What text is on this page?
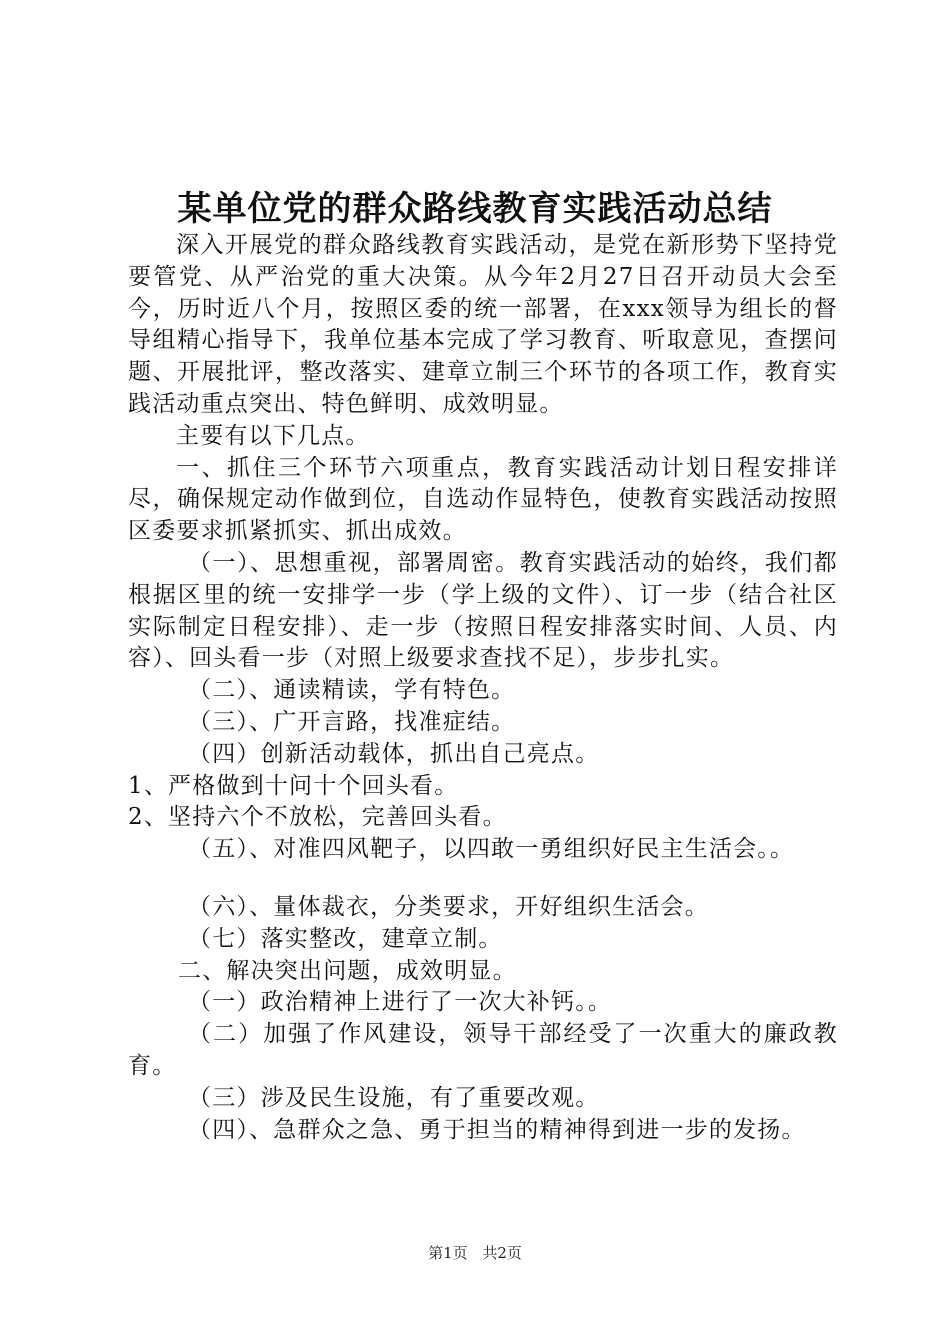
某单位党的群众路线教育实践活动总结

深入开展党的群众路线教育实践活动，是党在新形势下坚持党要管党、从严治党的重大决策。从今年2月27日召开动员大会至今，历时近八个月，按照区委的统一部署，在xxx领导为组长的督导组精心指导下，我单位基本完成了学习教育、听取意见，查摆问题、开展批评，整改落实、建章立制三个环节的各项工作，教育实践活动重点突出、特色鲜明、成效明显。

主要有以下几点。

一、抓住三个环节六项重点，教育实践活动计划日程安排详尽，确保规定动作做到位，自选动作显特色，使教育实践活动按照区委要求抓紧抓实、抓出成效。

（一）、思想重视，部署周密。教育实践活动的始终，我们都根据区里的统一安排学一步（学上级的文件）、订一步（结合社区实际制定日程安排）、走一步（按照日程安排落实时间、人员、内容）、回头看一步（对照上级要求查找不足），步步扎实。

（二）、通读精读，学有特色。

（三）、广开言路，找准症结。

（四）创新活动载体，抓出自己亮点。

1、严格做到十问十个回头看。

2、坚持六个不放松，完善回头看。

（五）、对准四风靶子，以四敢一勇组织好民主生活会。。

（六）、量体裁衣，分类要求，开好组织生活会。

（七）落实整改，建章立制。

二、解决突出问题，成效明显。

（一）政治精神上进行了一次大补钙。。

（二）加强了作风建设，领导干部经受了一次重大的廉政教育。

（三）涉及民生设施，有了重要改观。

（四）、急群众之急、勇于担当的精神得到进一步的发扬。

第1页 共2页
